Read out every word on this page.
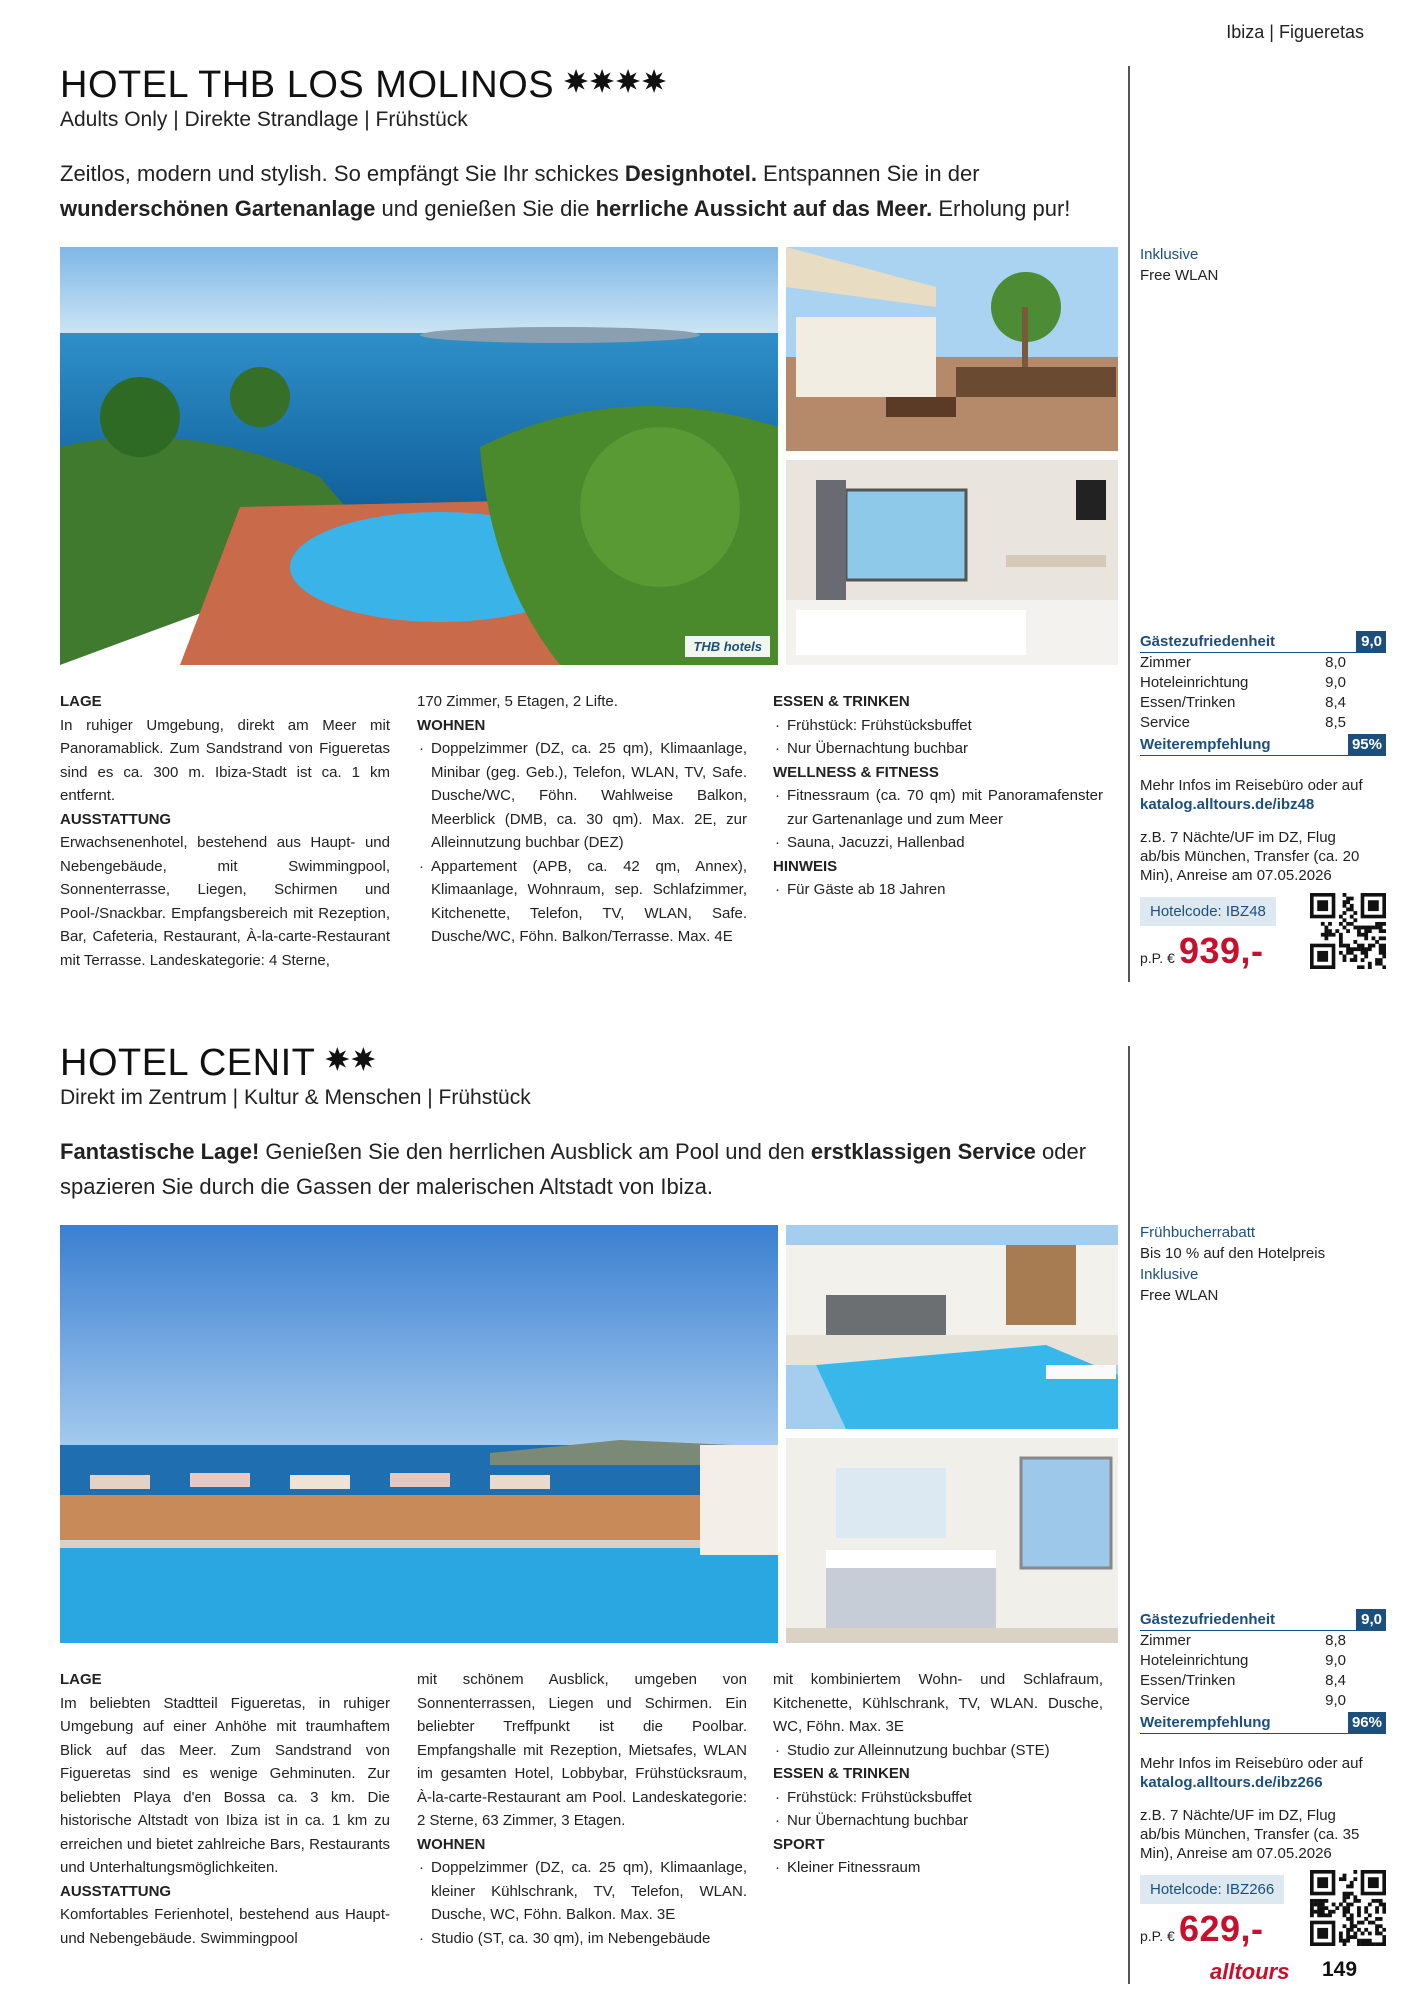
Ibiza | Figueretas
HOTEL THB LOS MOLINOS
Adults Only | Direkte Strandlage | Frühstück
Zeitlos, modern und stylish. So empfängt Sie Ihr schickes Designhotel. Entspannen Sie in der wunderschönen Gartenanlage und genießen Sie die herrliche Aussicht auf das Meer. Erholung pur!
THB hotels

LAGE

In ruhiger Umgebung, direkt am Meer mit Panoramablick. Zum Sandstrand von Figueretas sind es ca. 300 m. Ibiza-Stadt ist ca. 1 km entfernt.

AUSSTATTUNG

Erwachsenenhotel, bestehend aus Haupt- und Nebengebäude, mit Swimmingpool, Sonnenterrasse, Liegen, Schirmen und Pool-/Snackbar. Empfangsbereich mit Rezeption, Bar, Cafeteria, Restaurant, À-la-carte-Restaurant mit Terrasse. Landeskategorie: 4 Sterne,

170 Zimmer, 5 Etagen, 2 Lifte.

WOHNEN

· Doppelzimmer (DZ, ca. 25 qm), Klimaanlage, Minibar (geg. Geb.), Telefon, WLAN, TV, Safe. Dusche/WC, Föhn. Wahlweise Balkon, Meerblick (DMB, ca. 30 qm). Max. 2E, zur Alleinnutzung buchbar (DEZ)

· Appartement (APB, ca. 42 qm, Annex), Klimaanlage, Wohnraum, sep. Schlafzimmer, Kitchenette, Telefon, TV, WLAN, Safe. Dusche/WC, Föhn. Balkon/Terrasse. Max. 4E

ESSEN & TRINKEN

· Frühstück: Frühstücksbuffet

· Nur Übernachtung buchbar

WELLNESS & FITNESS

· Fitnessraum (ca. 70 qm) mit Panoramafenster zur Gartenanlage und zum Meer

· Sauna, Jacuzzi, Hallenbad

HINWEIS

· Für Gäste ab 18 Jahren

Inklusive
Free WLAN
Gästezufriedenheit	9,0
Zimmer	8,0
Hoteleinrichtung	9,0
Essen/Trinken	8,4
Service	8,5
Weiterempfehlung	95%
Mehr Infos im Reisebüro oder auf
katalog.alltours.de/ibz48
z.B. 7 Nächte/UF im DZ, Flug ab/bis München, Transfer (ca. 20 Min), Anreise am 07.05.2026
Hotelcode: IBZ48
p.P. € 939,-
HOTEL CENIT
Direkt im Zentrum | Kultur & Menschen | Frühstück
Fantastische Lage! Genießen Sie den herrlichen Ausblick am Pool und den erstklassigen Service oder spazieren Sie durch die Gassen der malerischen Altstadt von Ibiza.

LAGE

Im beliebten Stadtteil Figueretas, in ruhiger Umgebung auf einer Anhöhe mit traumhaftem Blick auf das Meer. Zum Sandstrand von Figueretas sind es wenige Gehminuten. Zur beliebten Playa d'en Bossa ca. 3 km. Die historische Altstadt von Ibiza ist in ca. 1 km zu erreichen und bietet zahlreiche Bars, Restaurants und Unterhaltungsmöglichkeiten.

AUSSTATTUNG

Komfortables Ferienhotel, bestehend aus Haupt- und Nebengebäude. Swimmingpool

mit schönem Ausblick, umgeben von Sonnenterrassen, Liegen und Schirmen. Ein beliebter Treffpunkt ist die Poolbar. Empfangshalle mit Rezeption, Mietsafes, WLAN im gesamten Hotel, Lobbybar, Frühstücksraum, À-la-carte-Restaurant am Pool. Landeskategorie: 2 Sterne, 63 Zimmer, 3 Etagen.

WOHNEN

· Doppelzimmer (DZ, ca. 25 qm), Klimaanlage, kleiner Kühlschrank, TV, Telefon, WLAN. Dusche, WC, Föhn. Balkon. Max. 3E

· Studio (ST, ca. 30 qm), im Nebengebäude

mit kombiniertem Wohn- und Schlafraum, Kitchenette, Kühlschrank, TV, WLAN. Dusche, WC, Föhn. Max. 3E

· Studio zur Alleinnutzung buchbar (STE)

ESSEN & TRINKEN

· Frühstück: Frühstücksbuffet

· Nur Übernachtung buchbar

SPORT

· Kleiner Fitnessraum

Frühbucherrabatt
Bis 10 % auf den Hotelpreis
Inklusive
Free WLAN
Gästezufriedenheit	9,0
Zimmer	8,8
Hoteleinrichtung	9,0
Essen/Trinken	8,4
Service	9,0
Weiterempfehlung	96%
Mehr Infos im Reisebüro oder auf
katalog.alltours.de/ibz266
z.B. 7 Nächte/UF im DZ, Flug ab/bis München, Transfer (ca. 35 Min), Anreise am 07.05.2026
Hotelcode: IBZ266
p.P. € 629,-
alltours 149
